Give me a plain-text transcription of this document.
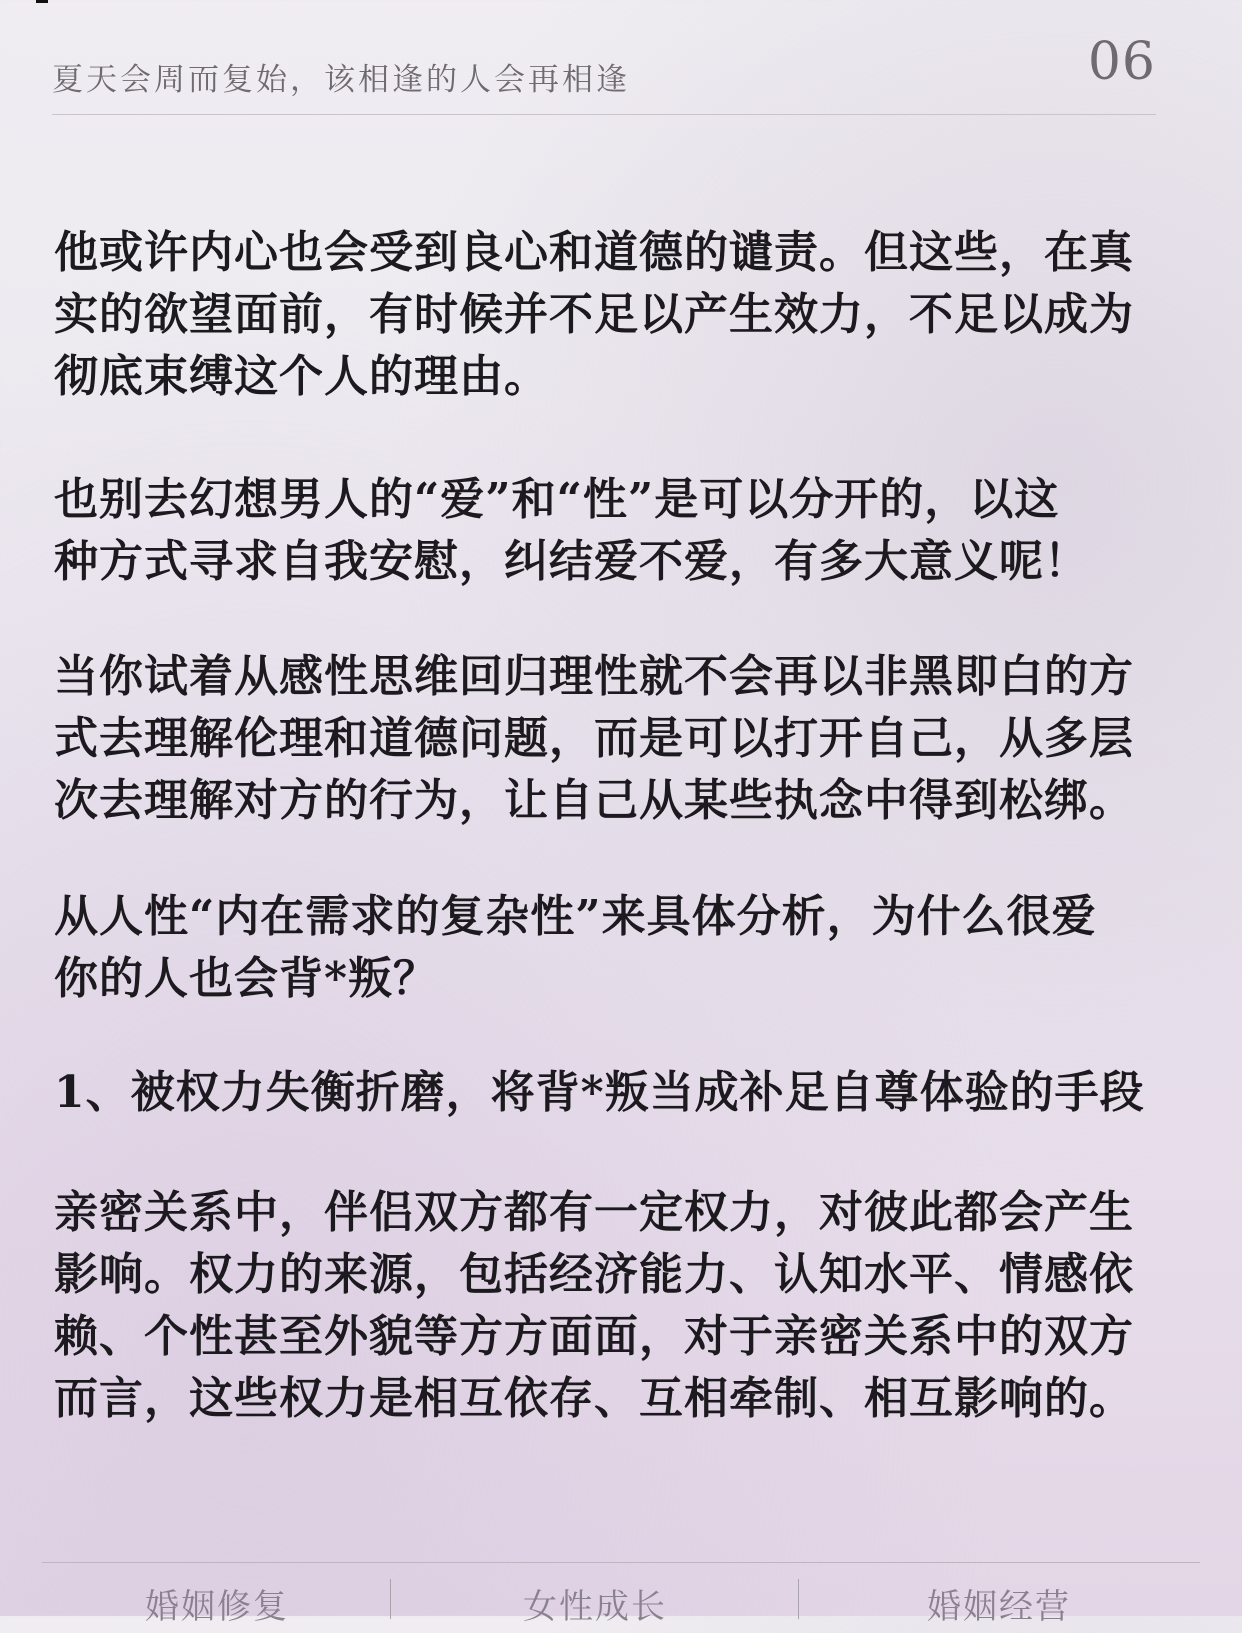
夏天会周而复始，该相逢的人会再相逢	06

他或许内心也会受到良心和道德的谴责。但这些，在真
实的欲望面前，有时候并不足以产生效力，不足以成为
彻底束缚这个人的理由。

也别去幻想男人的“爱”和“性”是可以分开的，以这
种方式寻求自我安慰，纠结爱不爱，有多大意义呢！

当你试着从感性思维回归理性就不会再以非黑即白的方
式去理解伦理和道德问题，而是可以打开自己，从多层
次去理解对方的行为，让自己从某些执念中得到松绑。

从人性“内在需求的复杂性”来具体分析，为什么很爱
你的人也会背*叛？

1、被权力失衡折磨，将背*叛当成补足自尊体验的手段

亲密关系中，伴侣双方都有一定权力，对彼此都会产生
影响。权力的来源，包括经济能力、认知水平、情感依
赖、个性甚至外貌等方方面面，对于亲密关系中的双方
而言，这些权力是相互依存、互相牵制、相互影响的。

婚姻修复	女性成长	婚姻经营
